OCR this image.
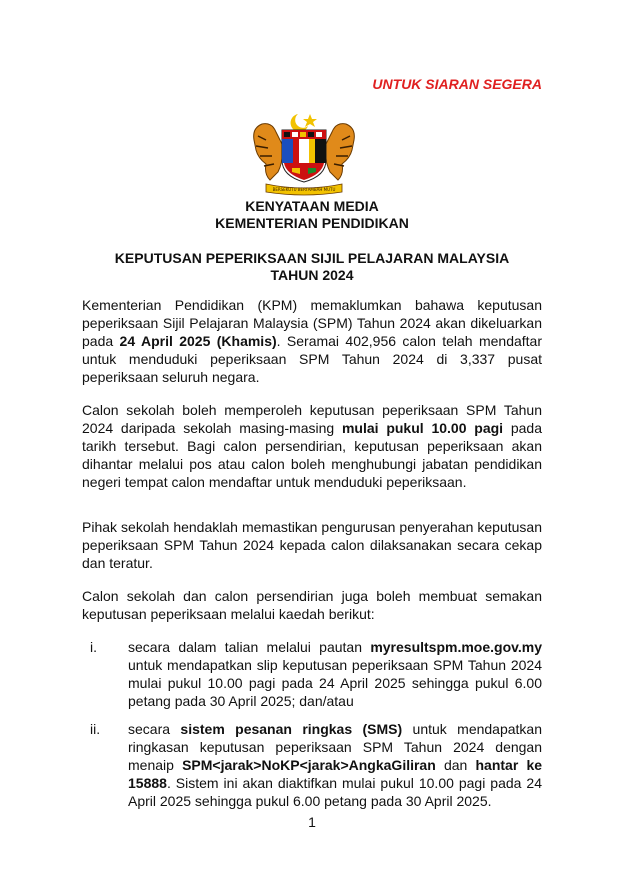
UNTUK SIARAN SEGERA
BERSEKUTU BERTAMBAH MUTU
KENYATAAN MEDIA
KEMENTERIAN PENDIDIKAN
KEPUTUSAN PEPERIKSAAN SIJIL PELAJARAN MALAYSIA
TAHUN 2024
Kementerian Pendidikan (KPM) memaklumkan bahawa keputusan peperiksaan Sijil Pelajaran Malaysia (SPM) Tahun 2024 akan dikeluarkan pada 24 April 2025 (Khamis). Seramai 402,956 calon telah mendaftar untuk menduduki peperiksaan SPM Tahun 2024 di 3,337 pusat peperiksaan seluruh negara.
Calon sekolah boleh memperoleh keputusan peperiksaan SPM Tahun 2024 daripada sekolah masing-masing mulai pukul 10.00 pagi pada tarikh tersebut. Bagi calon persendirian, keputusan peperiksaan akan dihantar melalui pos atau calon boleh menghubungi jabatan pendidikan negeri tempat calon mendaftar untuk menduduki peperiksaan.
Pihak sekolah hendaklah memastikan pengurusan penyerahan keputusan peperiksaan SPM Tahun 2024 kepada calon dilaksanakan secara cekap dan teratur.
Calon sekolah dan calon persendirian juga boleh membuat semakan keputusan peperiksaan melalui kaedah berikut:
i. secara dalam talian melalui pautan myresultspm.moe.gov.my untuk mendapatkan slip keputusan peperiksaan SPM Tahun 2024 mulai pukul 10.00 pagi pada 24 April 2025 sehingga pukul 6.00 petang pada 30 April 2025; dan/atau
ii. secara sistem pesanan ringkas (SMS) untuk mendapatkan ringkasan keputusan peperiksaan SPM Tahun 2024 dengan menaip SPM<jarak>NoKP<jarak>AngkaGiliran dan hantar ke 15888. Sistem ini akan diaktifkan mulai pukul 10.00 pagi pada 24 April 2025 sehingga pukul 6.00 petang pada 30 April 2025.
1
